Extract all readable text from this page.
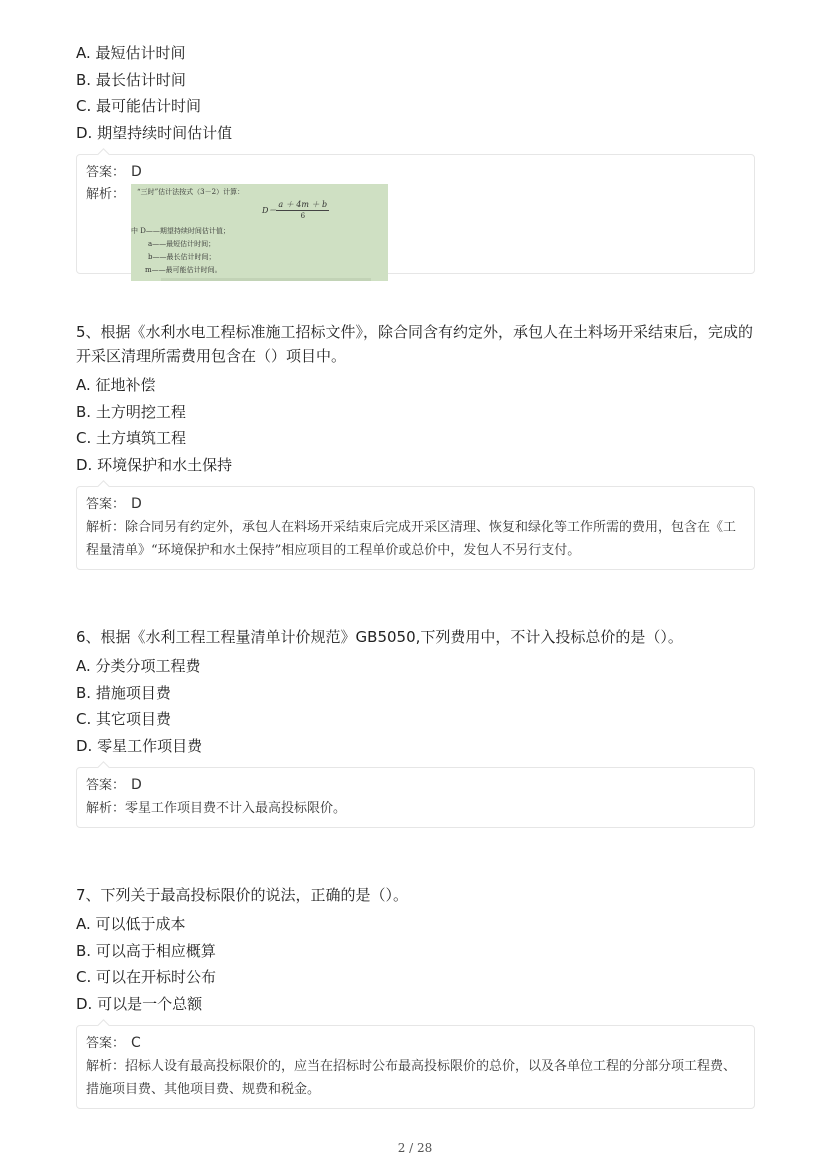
A. 最短估计时间
B. 最长估计时间
C. 最可能估计时间
D. 期望持续时间估计值
答案： D
解析：	“三时”估计法按式（3－2）计算：
$D= \frac{a + 4m + b}{6}$
中 D——期望持续时间估计值；
a——最短估计时间；
b——最长估计时间；
m——最可能估计时间。
5、根据《水利水电工程标准施工招标文件》，除合同含有约定外，承包人在土料场开采结束后，完成的开采区清理所需费用包含在（）项目中。
A. 征地补偿
B. 土方明挖工程
C. 土方填筑工程
D. 环境保护和水土保持
答案： D
解析：除合同另有约定外，承包人在料场开采结束后完成开采区清理、恢复和绿化等工作所需的费用，包含在《工程量清单》“环境保护和水土保持”相应项目的工程单价或总价中，发包人不另行支付。
6、根据《水利工程工程量清单计价规范》GB5050,下列费用中，不计入投标总价的是（）。
A. 分类分项工程费
B. 措施项目费
C. 其它项目费
D. 零星工作项目费
答案： D
解析：零星工作项目费不计入最高投标限价。
7、下列关于最高投标限价的说法，正确的是（）。
A. 可以低于成本
B. 可以高于相应概算
C. 可以在开标时公布
D. 可以是一个总额
答案： C
解析：招标人设有最高投标限价的，应当在招标时公布最高投标限价的总价，以及各单位工程的分部分项工程费、措施项目费、其他项目费、规费和税金。
2 / 28
